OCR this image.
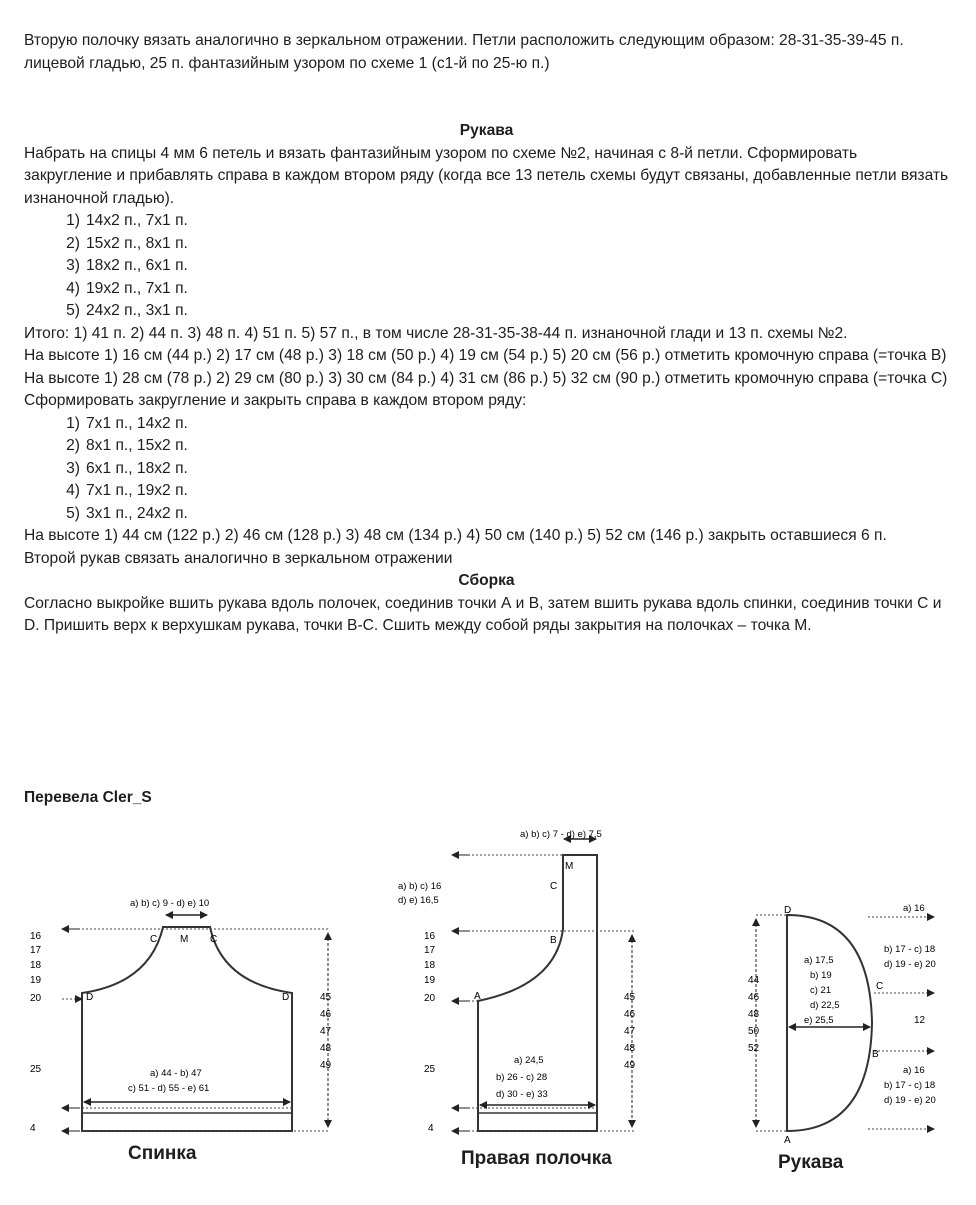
Вторую полочку вязать аналогично в зеркальном отражении. Петли расположить следующим образом: 28-31-35-39-45 п. лицевой гладью, 25 п. фантазийным узором по схеме 1 (с1-й по 25-ю п.)
Рукава
Набрать на спицы 4 мм 6 петель и вязать фантазийным узором по схеме №2, начиная с 8-й петли. Сформировать закругление и прибавлять справа в каждом втором ряду (когда все 13 петель схемы будут связаны, добавленные петли вязать изнаночной гладью).
1) 14x2 п., 7x1 п.
2) 15x2 п., 8x1 п.
3) 18x2 п., 6x1 п.
4) 19x2 п., 7x1 п.
5) 24x2 п., 3x1 п.
Итого: 1) 41 п. 2) 44 п. 3) 48 п. 4) 51 п. 5) 57 п., в том числе 28-31-35-38-44 п. изнаночной глади и 13 п. схемы №2.
На высоте 1) 16 см (44 р.) 2) 17 см (48 р.) 3) 18 см (50 р.) 4) 19 см (54 р.) 5) 20 см (56 р.) отметить кромочную справа (=точка В)
На высоте 1) 28 см (78 р.) 2) 29 см (80 р.) 3) 30 см (84 р.) 4) 31 см (86 р.) 5) 32 см (90 р.) отметить кромочную справа (=точка С)
Сформировать закругление и закрыть справа в каждом втором ряду:
1) 7x1 п., 14x2 п.
2) 8x1 п., 15x2 п.
3) 6x1 п., 18x2 п.
4) 7x1 п., 19x2 п.
5) 3x1 п., 24x2 п.
На высоте 1) 44 см (122 р.) 2) 46 см (128 р.) 3) 48 см (134 р.) 4) 50 см (140 р.) 5) 52 см (146 р.) закрыть оставшиеся 6 п.
Второй рукав связать аналогично в зеркальном отражении
Сборка
Согласно выкройке вшить рукава вдоль полочек, соединив точки А и В, затем вшить рукава вдоль спинки, соединив точки С и D. Пришить верх к верхушкам рукава, точки В-С. Сшить между собой ряды закрытия на полочках – точка М.
Перевела Cler_S
a) b) c) 9 - d) e) 10
45
46
47
48
49
16
17
18
19
20
25
4
C M C
D	D
a) 44 - b) 47
c) 51 - d) 55 - e) 61
a) b) c) 7 - d) e) 7,5
a) b) c) 16
d) e) 16,5
45
46
47
48
49
16
17
18
19
20
25
4
M
C
B
A
a) 24,5
b) 26 - c) 28
d) 30 - e) 33
44
46
48
50
52
a) 17,5
b) 19
c) 21
d) 22,5
e) 25,5
a) 16
b) 17 - c) 18
d) 19 - e) 20
12
a) 16
b) 17 - c) 18
d) 19 - e) 20
D
C
B
A
Спинка	Правая полочка	Рукава
